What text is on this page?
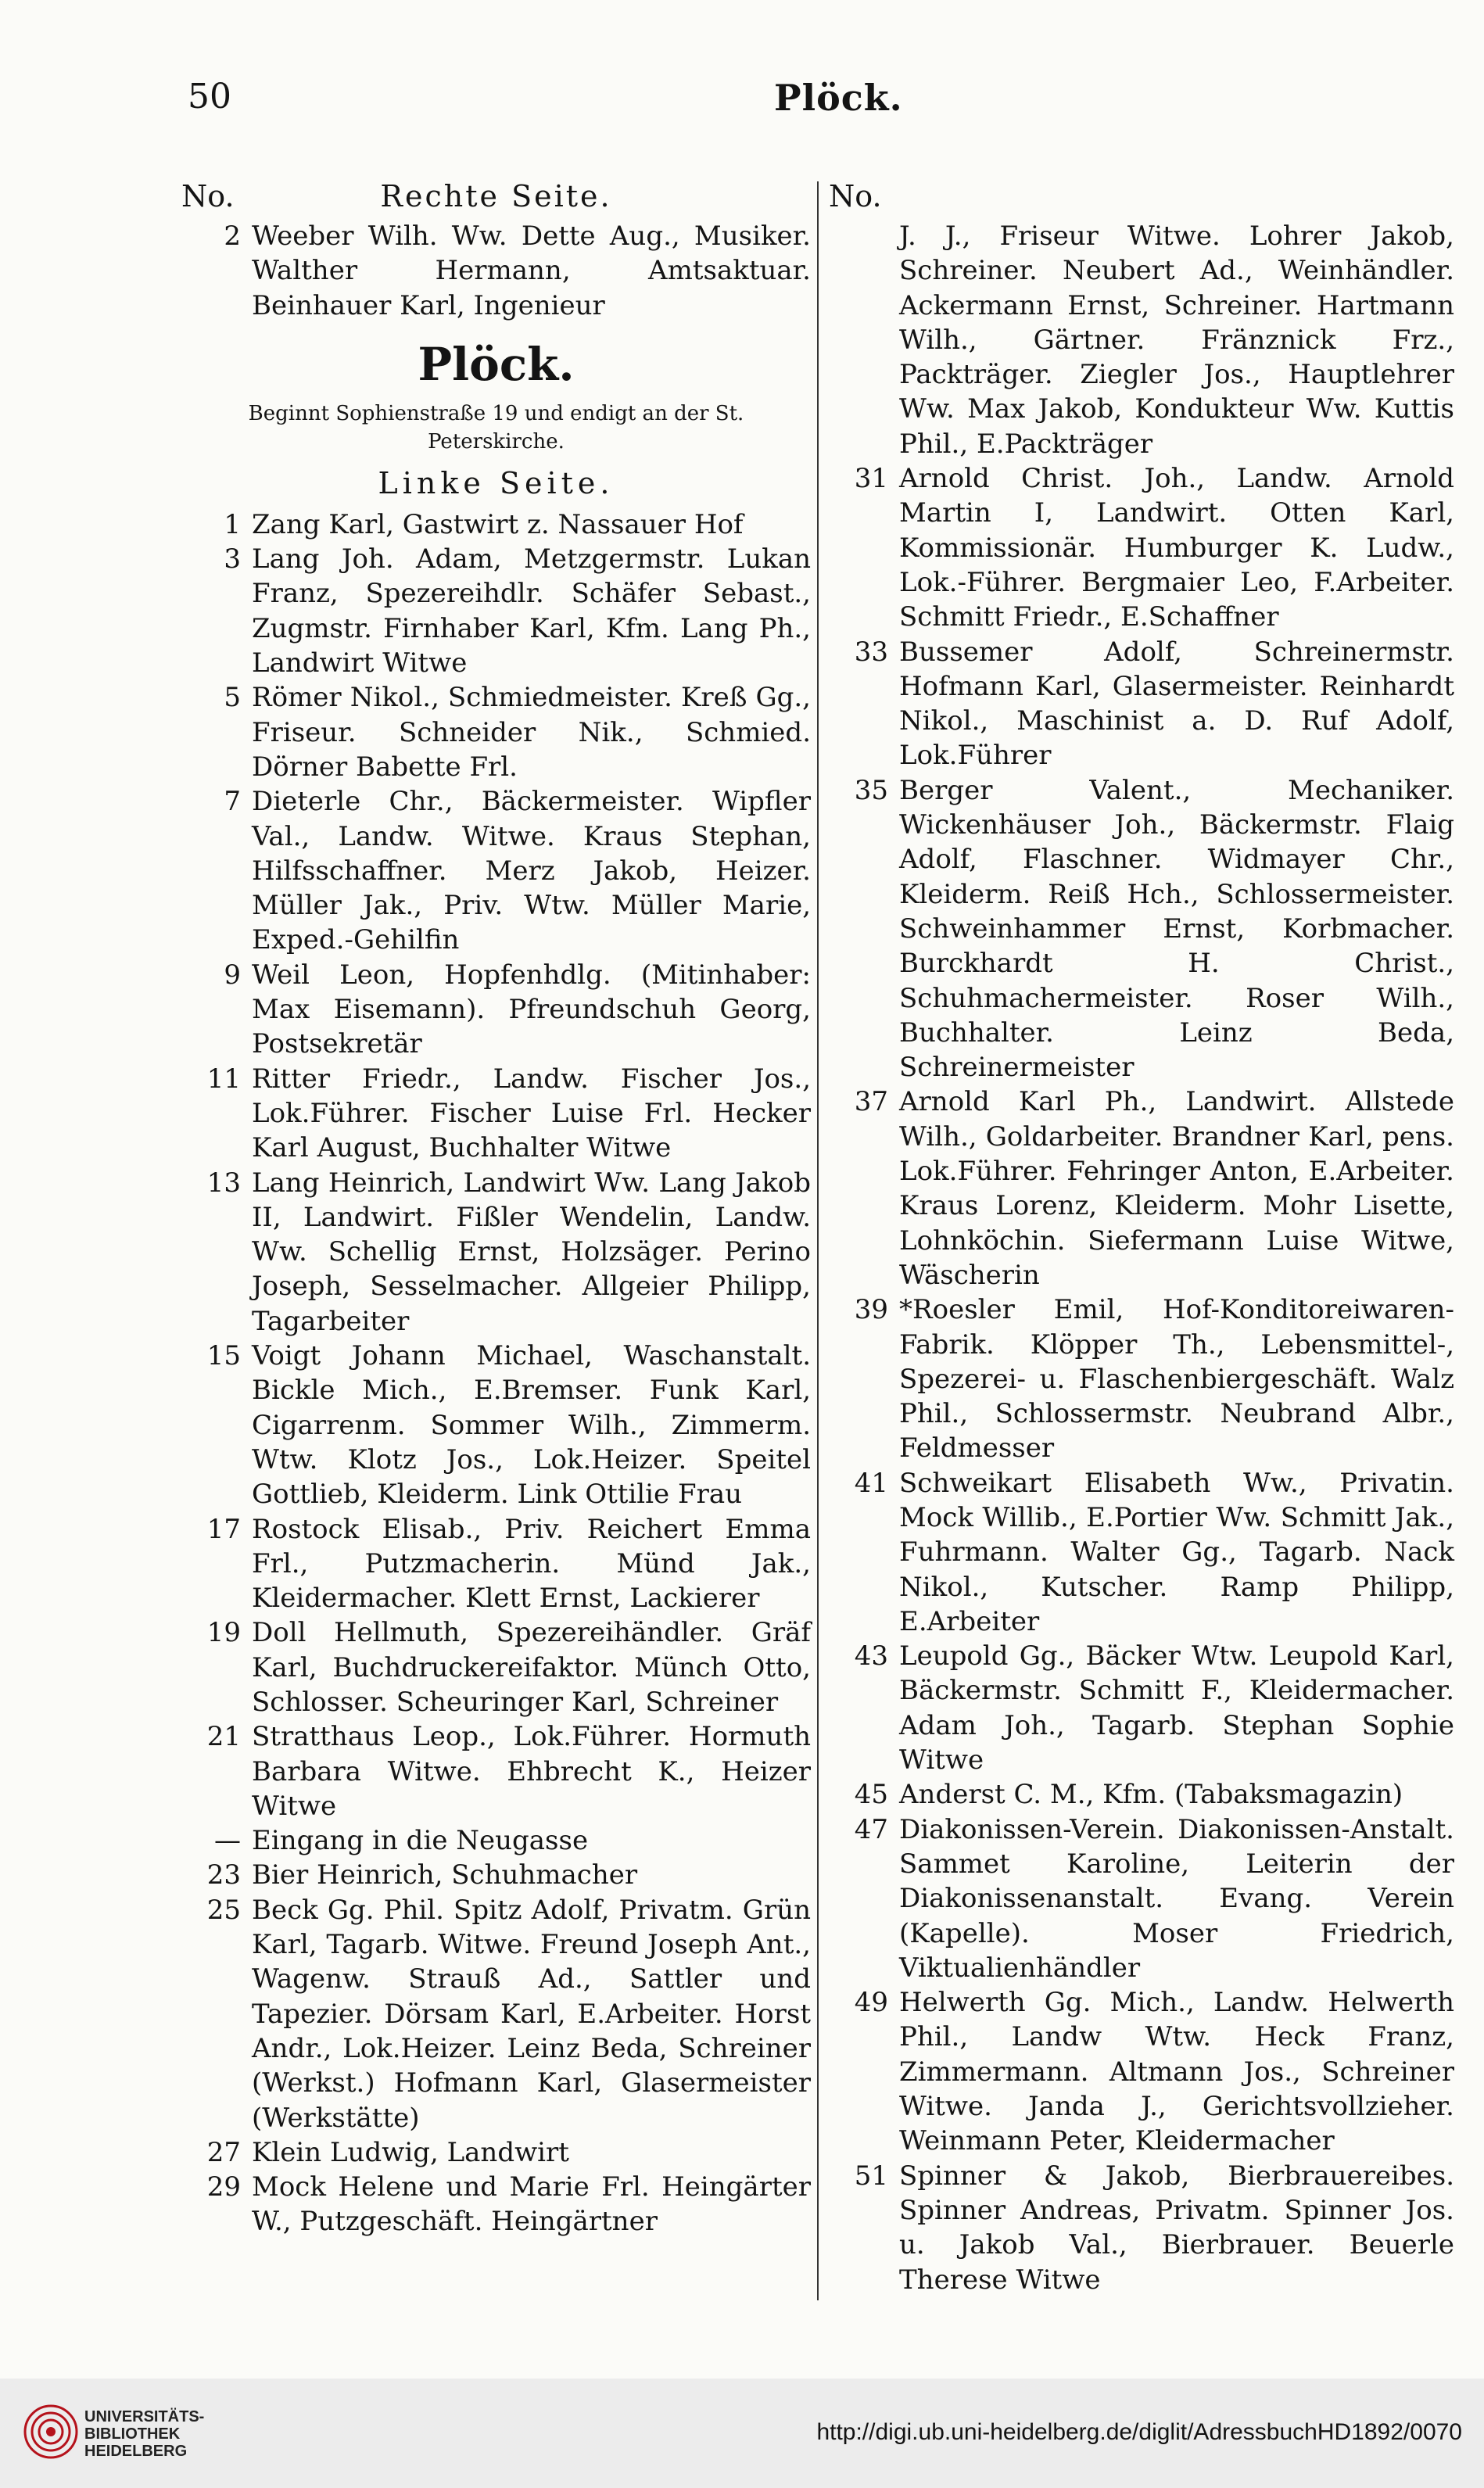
50	Plöck.
No.	Rechte Seite.
2 Weeber Wilh. Ww. Dette Aug., Musiker. Walther Hermann, Amtsaktuar. Beinhauer Karl, Ingenieur
Plöck.
Beginnt Sophienstraße 19 und endigt an der St. Peterskirche.
Linke Seite.
1 Zang Karl, Gastwirt z. Nassauer Hof
3 Lang Joh. Adam, Metzgermstr. Lukan Franz, Spezereihdlr. Schäfer Sebast., Zugmstr. Firnhaber Karl, Kfm. Lang Ph., Landwirt Witwe
5 Römer Nikol., Schmiedmeister. Kreß Gg., Friseur. Schneider Nik., Schmied. Dörner Babette Frl.
7 Dieterle Chr., Bäckermeister. Wipfler Val., Landw. Witwe. Kraus Stephan, Hilfsschaffner. Merz Jakob, Heizer. Müller Jak., Priv. Wtw. Müller Marie, Exped.-Gehilfin
9 Weil Leon, Hopfenhdlg. (Mitinhaber: Max Eisemann). Pfreundschuh Georg, Postsekretär
11 Ritter Friedr., Landw. Fischer Jos., Lok.Führer. Fischer Luise Frl. Hecker Karl August, Buchhalter Witwe
13 Lang Heinrich, Landwirt Ww. Lang Jakob II, Landwirt. Fißler Wendelin, Landw. Ww. Schellig Ernst, Holzsäger. Perino Joseph, Sesselmacher. Allgeier Philipp, Tagarbeiter
15 Voigt Johann Michael, Waschanstalt. Bickle Mich., E.Bremser. Funk Karl, Cigarrenm. Sommer Wilh., Zimmerm. Wtw. Klotz Jos., Lok.Heizer. Speitel Gottlieb, Kleiderm. Link Ottilie Frau
17 Rostock Elisab., Priv. Reichert Emma Frl., Putzmacherin. Münd Jak., Kleidermacher. Klett Ernst, Lackierer
19 Doll Hellmuth, Spezereihändler. Gräf Karl, Buchdruckereifaktor. Münch Otto, Schlosser. Scheuringer Karl, Schreiner
21 Stratthaus Leop., Lok.Führer. Hormuth Barbara Witwe. Ehbrecht K., Heizer Witwe
— Eingang in die Neugasse
23 Bier Heinrich, Schuhmacher
25 Beck Gg. Phil. Spitz Adolf, Privatm. Grün Karl, Tagarb. Witwe. Freund Joseph Ant., Wagenw. Strauß Ad., Sattler und Tapezier. Dörsam Karl, E.Arbeiter. Horst Andr., Lok.Heizer. Leinz Beda, Schreiner (Werkst.) Hofmann Karl, Glasermeister (Werkstätte)
27 Klein Ludwig, Landwirt
29 Mock Helene und Marie Frl. Heingärter W., Putzgeschäft. Heingärtner
No.
J. J., Friseur Witwe. Lohrer Jakob, Schreiner. Neubert Ad., Weinhändler. Ackermann Ernst, Schreiner. Hartmann Wilh., Gärtner. Fränznick Frz., Packträger. Ziegler Jos., Hauptlehrer Ww. Max Jakob, Kondukteur Ww. Kuttis Phil., E.Packträger
31 Arnold Christ. Joh., Landw. Arnold Martin I, Landwirt. Otten Karl, Kommissionär. Humburger K. Ludw., Lok.-Führer. Bergmaier Leo, F.Arbeiter. Schmitt Friedr., E.Schaffner
33 Bussemer Adolf, Schreinermstr. Hofmann Karl, Glasermeister. Reinhardt Nikol., Maschinist a. D. Ruf Adolf, Lok.Führer
35 Berger Valent., Mechaniker. Wickenhäuser Joh., Bäckermstr. Flaig Adolf, Flaschner. Widmayer Chr., Kleiderm. Reiß Hch., Schlossermeister. Schweinhammer Ernst, Korbmacher. Burckhardt H. Christ., Schuhmachermeister. Roser Wilh., Buchhalter. Leinz Beda, Schreinermeister
37 Arnold Karl Ph., Landwirt. Allstede Wilh., Goldarbeiter. Brandner Karl, pens. Lok.Führer. Fehringer Anton, E.Arbeiter. Kraus Lorenz, Kleiderm. Mohr Lisette, Lohnköchin. Siefermann Luise Witwe, Wäscherin
39 *Roesler Emil, Hof-Konditoreiwaren-Fabrik. Klöpper Th., Lebensmittel-, Spezerei- u. Flaschenbiergeschäft. Walz Phil., Schlossermstr. Neubrand Albr., Feldmesser
41 Schweikart Elisabeth Ww., Privatin. Mock Willib., E.Portier Ww. Schmitt Jak., Fuhrmann. Walter Gg., Tagarb. Nack Nikol., Kutscher. Ramp Philipp, E.Arbeiter
43 Leupold Gg., Bäcker Wtw. Leupold Karl, Bäckermstr. Schmitt F., Kleidermacher. Adam Joh., Tagarb. Stephan Sophie Witwe
45 Anderst C. M., Kfm. (Tabaksmagazin)
47 Diakonissen-Verein. Diakonissen-Anstalt. Sammet Karoline, Leiterin der Diakonissenanstalt. Evang. Verein (Kapelle). Moser Friedrich, Viktualienhändler
49 Helwerth Gg. Mich., Landw. Helwerth Phil., Landw Wtw. Heck Franz, Zimmermann. Altmann Jos., Schreiner Witwe. Janda J., Gerichtsvollzieher. Weinmann Peter, Kleidermacher
51 Spinner & Jakob, Bierbrauereibes. Spinner Andreas, Privatm. Spinner Jos. u. Jakob Val., Bierbrauer. Beuerle Therese Witwe
UNIVERSITÄTS-
BIBLIOTHEK
HEIDELBERG
http://digi.ub.uni-heidelberg.de/diglit/AdressbuchHD1892/0070
